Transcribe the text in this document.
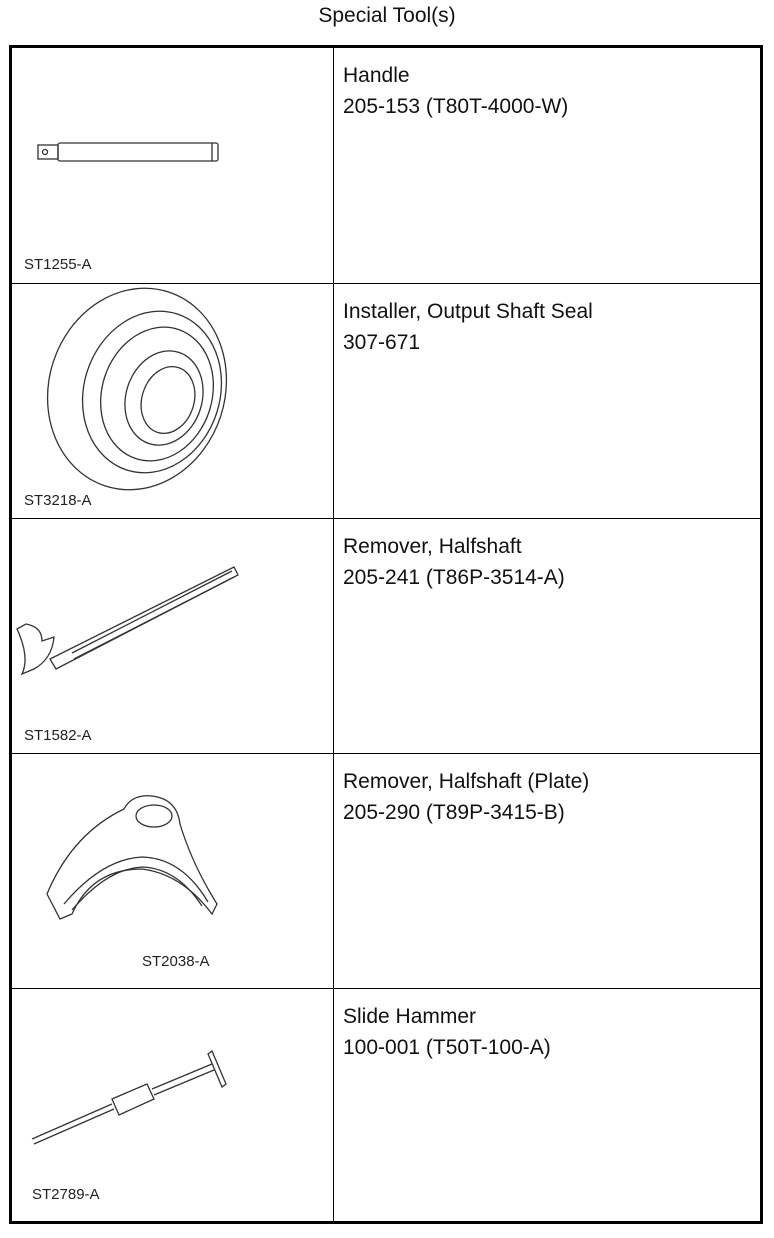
Special Tool(s)
ST1255-A
Handle
205-153 (T80T-4000-W)
ST3218-A
Installer, Output Shaft Seal
307-671
ST1582-A
Remover, Halfshaft
205-241 (T86P-3514-A)
ST2038-A
Remover, Halfshaft (Plate)
205-290 (T89P-3415-B)
ST2789-A
Slide Hammer
100-001 (T50T-100-A)
